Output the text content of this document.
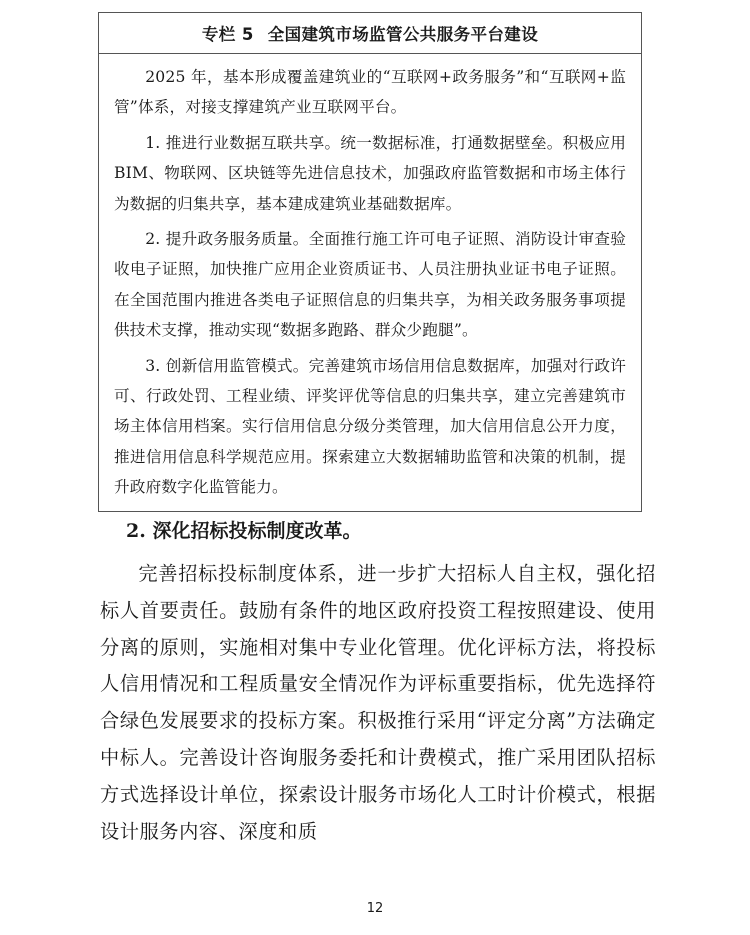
专栏 5 全国建筑市场监管公共服务平台建设

2025 年，基本形成覆盖建筑业的“互联网+政务服务”和“互联网+监管”体系，对接支撑建筑产业互联网平台。

1. 推进行业数据互联共享。统一数据标准，打通数据壁垒。积极应用 BIM、物联网、区块链等先进信息技术，加强政府监管数据和市场主体行为数据的归集共享，基本建成建筑业基础数据库。

2. 提升政务服务质量。全面推行施工许可电子证照、消防设计审查验收电子证照，加快推广应用企业资质证书、人员注册执业证书电子证照。在全国范围内推进各类电子证照信息的归集共享，为相关政务服务事项提供技术支撑，推动实现“数据多跑路、群众少跑腿”。

3. 创新信用监管模式。完善建筑市场信用信息数据库，加强对行政许可、行政处罚、工程业绩、评奖评优等信息的归集共享，建立完善建筑市场主体信用档案。实行信用信息分级分类管理，加大信用信息公开力度，推进信用信息科学规范应用。探索建立大数据辅助监管和决策的机制，提升政府数字化监管能力。

2. 深化招标投标制度改革。

完善招标投标制度体系，进一步扩大招标人自主权，强化招标人首要责任。鼓励有条件的地区政府投资工程按照建设、使用分离的原则，实施相对集中专业化管理。优化评标方法，将投标人信用情况和工程质量安全情况作为评标重要指标，优先选择符合绿色发展要求的投标方案。积极推行采用“评定分离”方法确定中标人。完善设计咨询服务委托和计费模式，推广采用团队招标方式选择设计单位，探索设计服务市场化人工时计价模式，根据设计服务内容、深度和质

12
